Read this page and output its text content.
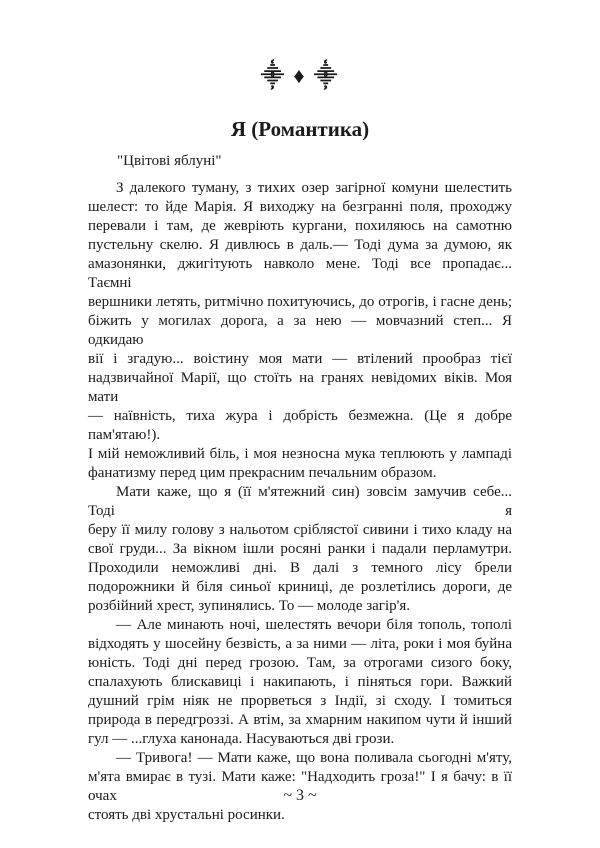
⸎ ♦ ⸎
Я (Романтика)
"Цвітові яблуні"
З далекого туману, з тихих озер загірної комуни шелестить
шелест: то йде Марія. Я виходжу на безгранні поля, проходжу
перевали і там, де жевріють кургани, похиляюсь на самотню
пустельну скелю. Я дивлюсь в даль.— Тоді дума за думою, як
амазонянки, джигітують навколо мене. Тоді все пропадає... Таємні
вершники летять, ритмічно похитуючись, до отрогів, і гасне день;
біжить у могилах дорога, а за нею — мовчазний степ... Я одкидаю
вії і згадую... воістину моя мати — втілений прообраз тієї
надзвичайної Марії, що стоїть на гранях невідомих віків. Моя мати
— наївність, тиха жура і добрість безмежна. (Це я добре пам'ятаю!).
І мій неможливий біль, і моя незносна мука теплюють у лампаді
фанатизму перед цим прекрасним печальним образом.
Мати каже, що я (її м'ятежний син) зовсім замучив себе... Тоді я
беру її милу голову з нальотом сріблястої сивини і тихо кладу на
свої груди... За вікном ішли росяні ранки і падали перламутри.
Проходили неможливі дні. В далі з темного лісу брели
подорожники й біля синьої криниці, де розлетілись дороги, де
розбійний хрест, зупинялись. То — молоде загір'я.
— Але минають ночі, шелестять вечори біля тополь, тополі
відходять у шосейну безвість, а за ними — літа, роки і моя буйна
юність. Тоді дні перед грозою. Там, за отрогами сизого боку,
спалахують блискавиці і накипають, і піняться гори. Важкий
душний грім ніяк не прорветься з Індії, зі сходу. І томиться
природа в передгроззі. А втім, за хмарним накипом чути й інший
гул — ...глуха канонада. Насуваються дві грози.
— Тривога! — Мати каже, що вона поливала сьогодні м'яту,
м'ята вмирає в тузі. Мати каже: "Надходить гроза!" І я бачу: в її очах
стоять дві хрустальні росинки.
~ 3 ~
